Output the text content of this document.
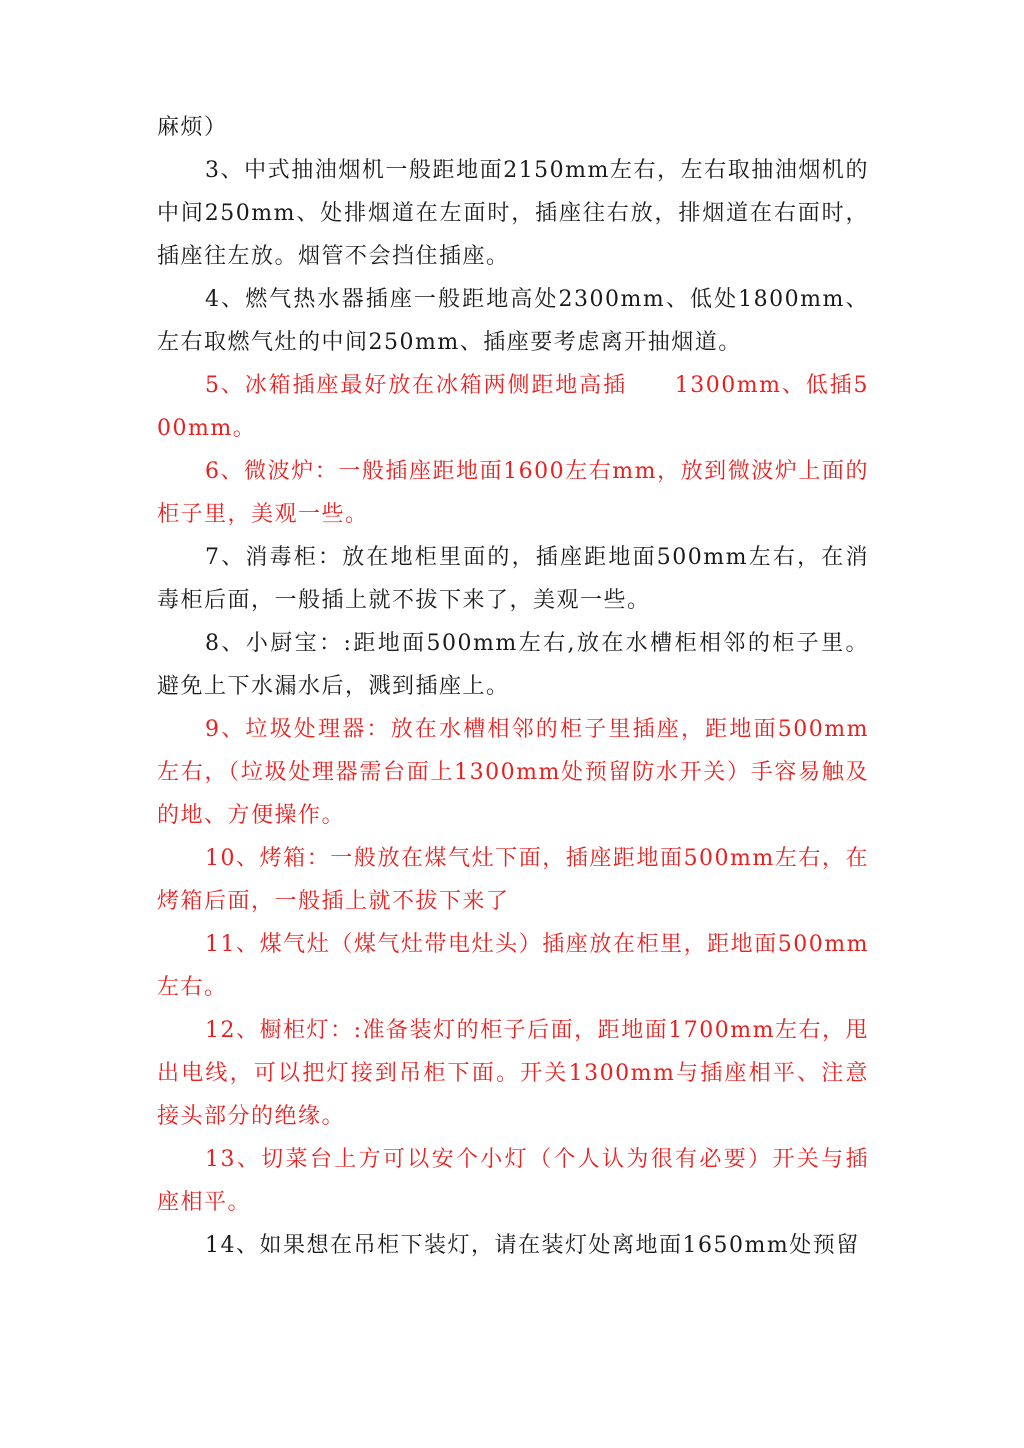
麻烦）

3、中式抽油烟机一般距地面2150mm左右，左右取抽油烟机的中间250mm、处排烟道在左面时，插座往右放，排烟道在右面时，插座往左放。烟管不会挡住插座。

4、燃气热水器插座一般距地高处2300mm、低处1800mm、左右取燃气灶的中间250mm、插座要考虑离开抽烟道。

5、冰箱插座最好放在冰箱两侧距地高插　　1300mm、低插500mm。

6、微波炉：一般插座距地面1600左右mm，放到微波炉上面的柜子里，美观一些。

7、消毒柜：放在地柜里面的，插座距地面500mm左右，在消毒柜后面，一般插上就不拔下来了，美观一些。

8、小厨宝：:距地面500mm左右,放在水槽柜相邻的柜子里。避免上下水漏水后，溅到插座上。

9、垃圾处理器：放在水槽相邻的柜子里插座，距地面500mm左右，（垃圾处理器需台面上1300mm处预留防水开关）手容易触及的地、方便操作。

10、烤箱：一般放在煤气灶下面，插座距地面500mm左右，在烤箱后面，一般插上就不拔下来了

11、煤气灶（煤气灶带电灶头）插座放在柜里，距地面500mm左右。

12、橱柜灯：:准备装灯的柜子后面，距地面1700mm左右，甩出电线，可以把灯接到吊柜下面。开关1300mm与插座相平、注意接头部分的绝缘。

13、切菜台上方可以安个小灯（个人认为很有必要）开关与插座相平。

14、如果想在吊柜下装灯，请在装灯处离地面1650mm处预留
